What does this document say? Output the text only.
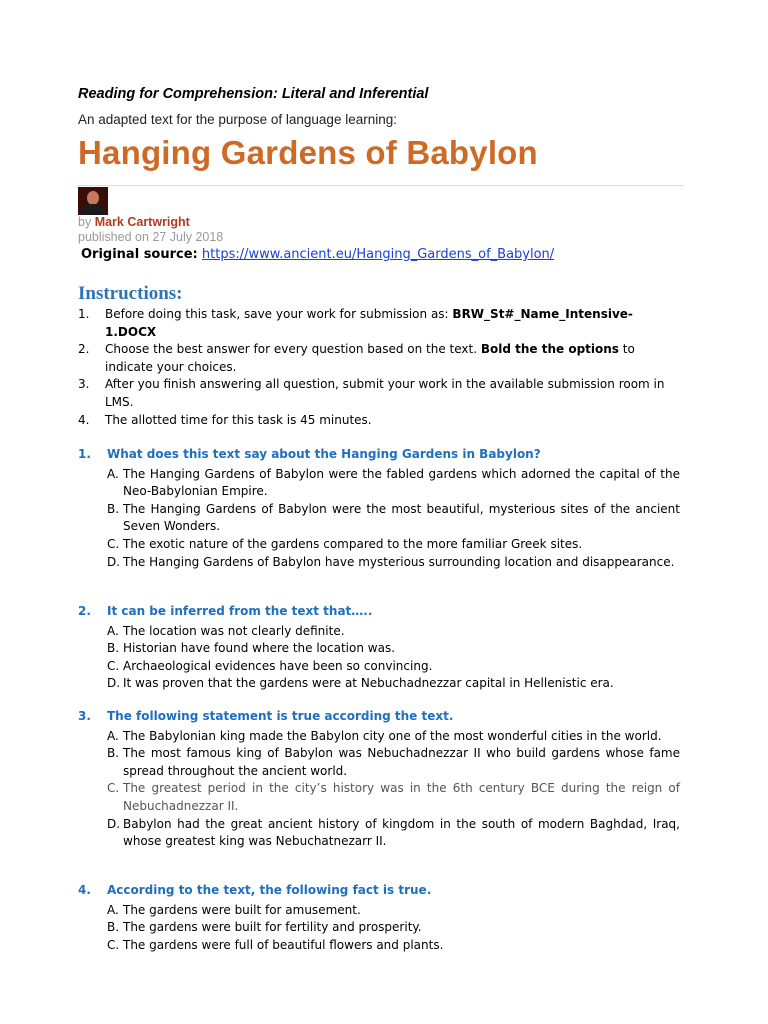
Reading for Comprehension: Literal and Inferential
An adapted text for the purpose of language learning:
Hanging Gardens of Babylon
by Mark Cartwright
published on 27 July 2018
Original source: https://www.ancient.eu/Hanging_Gardens_of_Babylon/
Instructions:
1.	Before doing this task, save your work for submission as: BRW_St#_Name_Intensive-1.DOCX
2.	Choose the best answer for every question based on the text. Bold the the options to indicate your choices.
3.	After you finish answering all question, submit your work in the available submission room in LMS.
4.	The allotted time for this task is 45 minutes.
1.	What does this text say about the Hanging Gardens in Babylon?
A. The Hanging Gardens of Babylon were the fabled gardens which adorned the capital of the Neo-Babylonian Empire.
B. The Hanging Gardens of Babylon were the most beautiful, mysterious sites of the ancient Seven Wonders.
C. The exotic nature of the gardens compared to the more familiar Greek sites.
D. The Hanging Gardens of Babylon have mysterious surrounding location and disappearance.
2.	It can be inferred from the text that…..
A. The location was not clearly definite.
B. Historian have found where the location was.
C. Archaeological evidences have been so convincing.
D. It was proven that the gardens were at Nebuchadnezzar capital in Hellenistic era.
3.	The following statement is true according the text.
A. The Babylonian king made the Babylon city one of the most wonderful cities in the world.
B. The most famous king of Babylon was Nebuchadnezzar II who build gardens whose fame spread throughout the ancient world.
C. The greatest period in the city’s history was in the 6th century BCE during the reign of Nebuchadnezzar II.
D. Babylon had the great ancient history of kingdom in the south of modern Baghdad, Iraq, whose greatest king was Nebuchatnezarr II.
4.	According to the text, the following fact is true.
A. The gardens were built for amusement.
B. The gardens were built for fertility and prosperity.
C. The gardens were full of beautiful flowers and plants.
